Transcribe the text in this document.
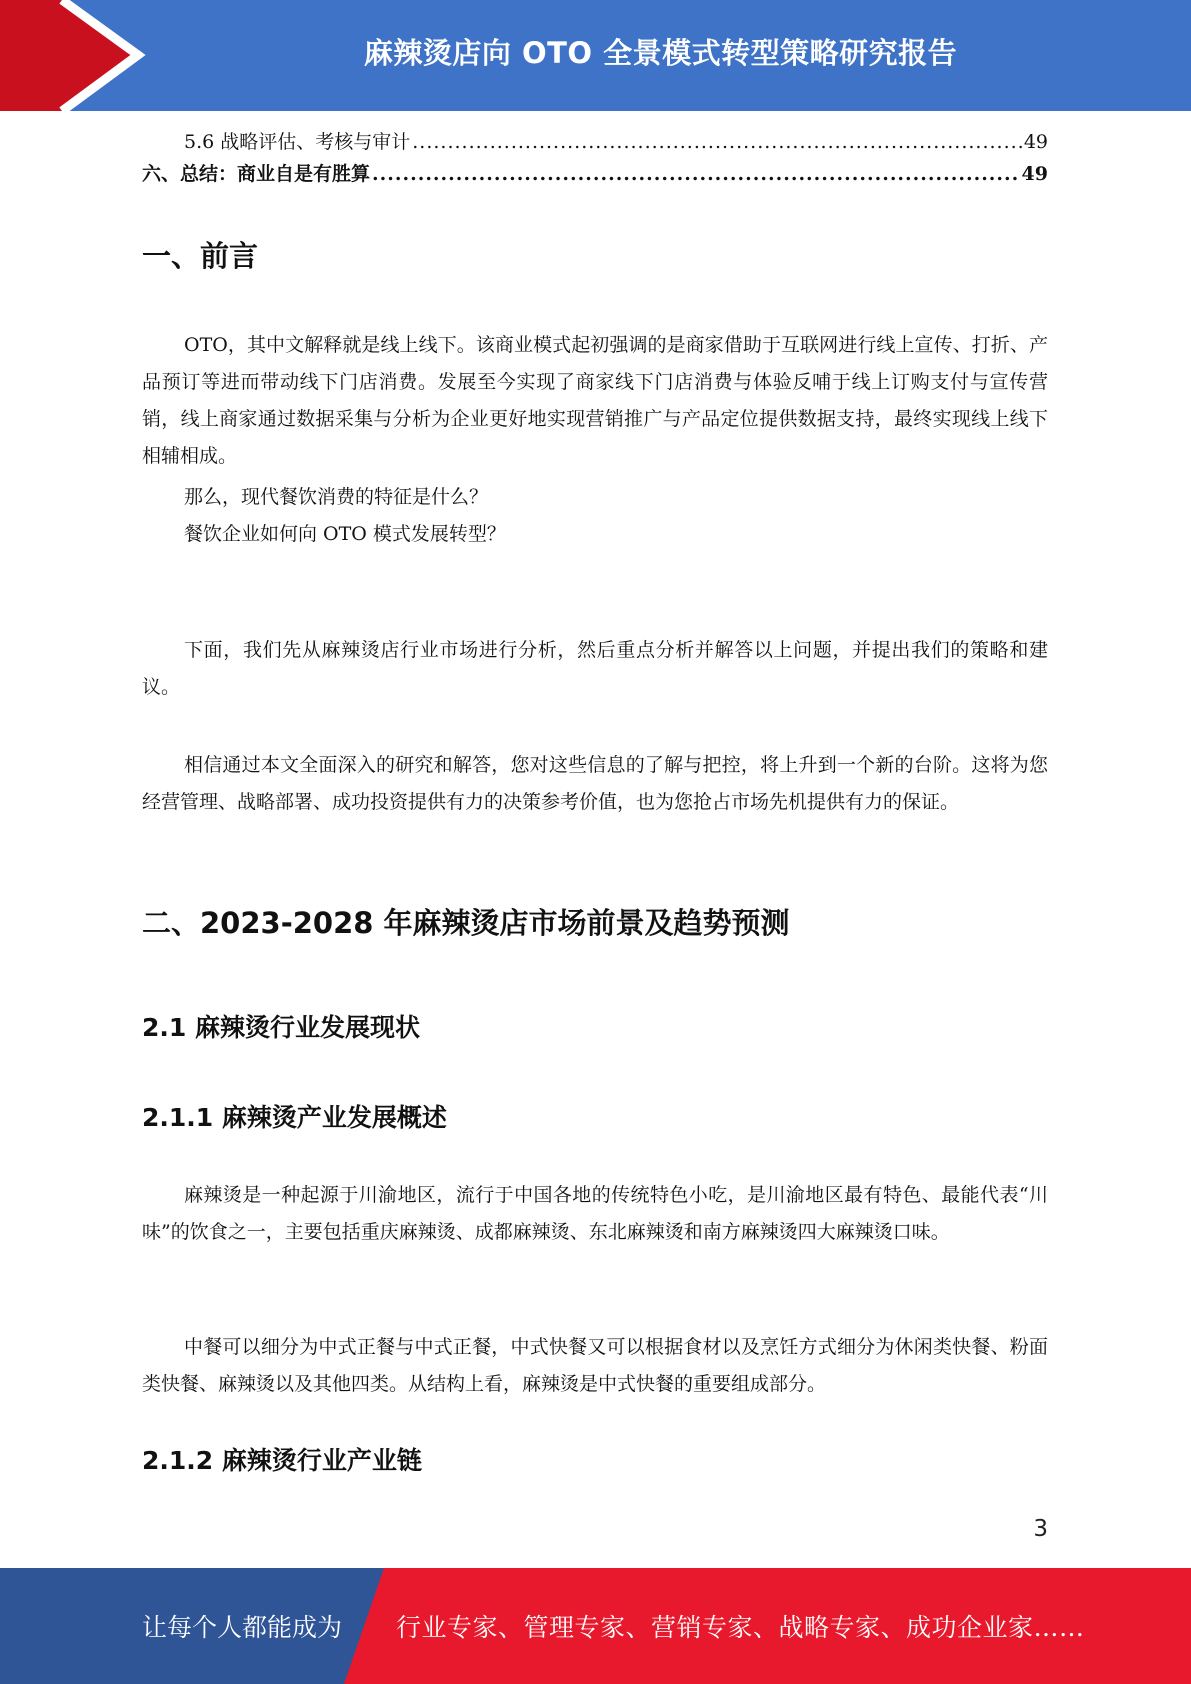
麻辣烫店向 OTO 全景模式转型策略研究报告
5.6 战略评估、考核与审计 .....	49
六、总结：商业自是有胜算 .....	49
一、前言

OTO，其中文解释就是线上线下。该商业模式起初强调的是商家借助于互联网进行线上宣传、打折、产品预订等进而带动线下门店消费。发展至今实现了商家线下门店消费与体验反哺于线上订购支付与宣传营销，线上商家通过数据采集与分析为企业更好地实现营销推广与产品定位提供数据支持，最终实现线上线下相辅相成。

那么，现代餐饮消费的特征是什么？

餐饮企业如何向 OTO 模式发展转型？

下面，我们先从麻辣烫店行业市场进行分析，然后重点分析并解答以上问题，并提出我们的策略和建议。

相信通过本文全面深入的研究和解答，您对这些信息的了解与把控，将上升到一个新的台阶。这将为您经营管理、战略部署、成功投资提供有力的决策参考价值，也为您抢占市场先机提供有力的保证。

二、2023-2028 年麻辣烫店市场前景及趋势预测
2.1 麻辣烫行业发展现状
2.1.1 麻辣烫产业发展概述

麻辣烫是一种起源于川渝地区，流行于中国各地的传统特色小吃，是川渝地区最有特色、最能代表“川味”的饮食之一，主要包括重庆麻辣烫、成都麻辣烫、东北麻辣烫和南方麻辣烫四大麻辣烫口味。

中餐可以细分为中式正餐与中式正餐，中式快餐又可以根据食材以及烹饪方式细分为休闲类快餐、粉面类快餐、麻辣烫以及其他四类。从结构上看，麻辣烫是中式快餐的重要组成部分。

2.1.2 麻辣烫行业产业链
3
让每个人都能成为 行业专家、管理专家、营销专家、战略专家、成功企业家……
